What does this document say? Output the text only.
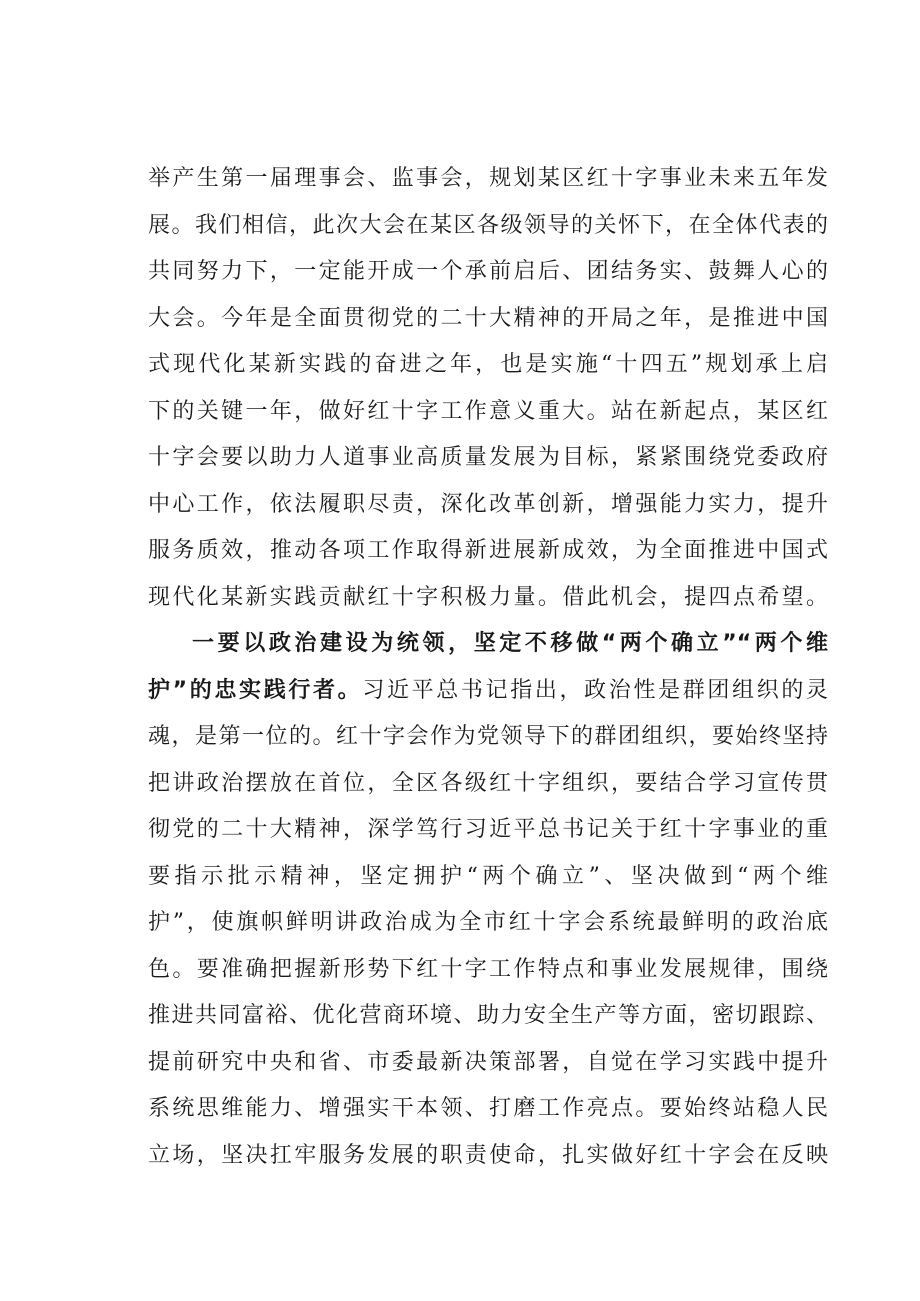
举产生第一届理事会、监事会，规划某区红十字事业未来五年发
展。我们相信，此次大会在某区各级领导的关怀下，在全体代表的
共同努力下，一定能开成一个承前启后、团结务实、鼓舞人心的
大会。今年是全面贯彻党的二十大精神的开局之年，是推进中国
式现代化某新实践的奋进之年，也是实施“十四五”规划承上启
下的关键一年，做好红十字工作意义重大。站在新起点，某区红
十字会要以助力人道事业高质量发展为目标，紧紧围绕党委政府
中心工作，依法履职尽责，深化改革创新，增强能力实力，提升
服务质效，推动各项工作取得新进展新成效，为全面推进中国式
现代化某新实践贡献红十字积极力量。借此机会，提四点希望。
一要以政治建设为统领，坚定不移做“两个确立”“两个维
护”的忠实践行者。习近平总书记指出，政治性是群团组织的灵
魂，是第一位的。红十字会作为党领导下的群团组织，要始终坚持
把讲政治摆放在首位，全区各级红十字组织，要结合学习宣传贯
彻党的二十大精神，深学笃行习近平总书记关于红十字事业的重
要指示批示精神，坚定拥护“两个确立”、坚决做到“两个维
护”，使旗帜鲜明讲政治成为全市红十字会系统最鲜明的政治底
色。要准确把握新形势下红十字工作特点和事业发展规律，围绕
推进共同富裕、优化营商环境、助力安全生产等方面，密切跟踪、
提前研究中央和省、市委最新决策部署，自觉在学习实践中提升
系统思维能力、增强实干本领、打磨工作亮点。要始终站稳人民
立场，坚决扛牢服务发展的职责使命，扎实做好红十字会在反映
